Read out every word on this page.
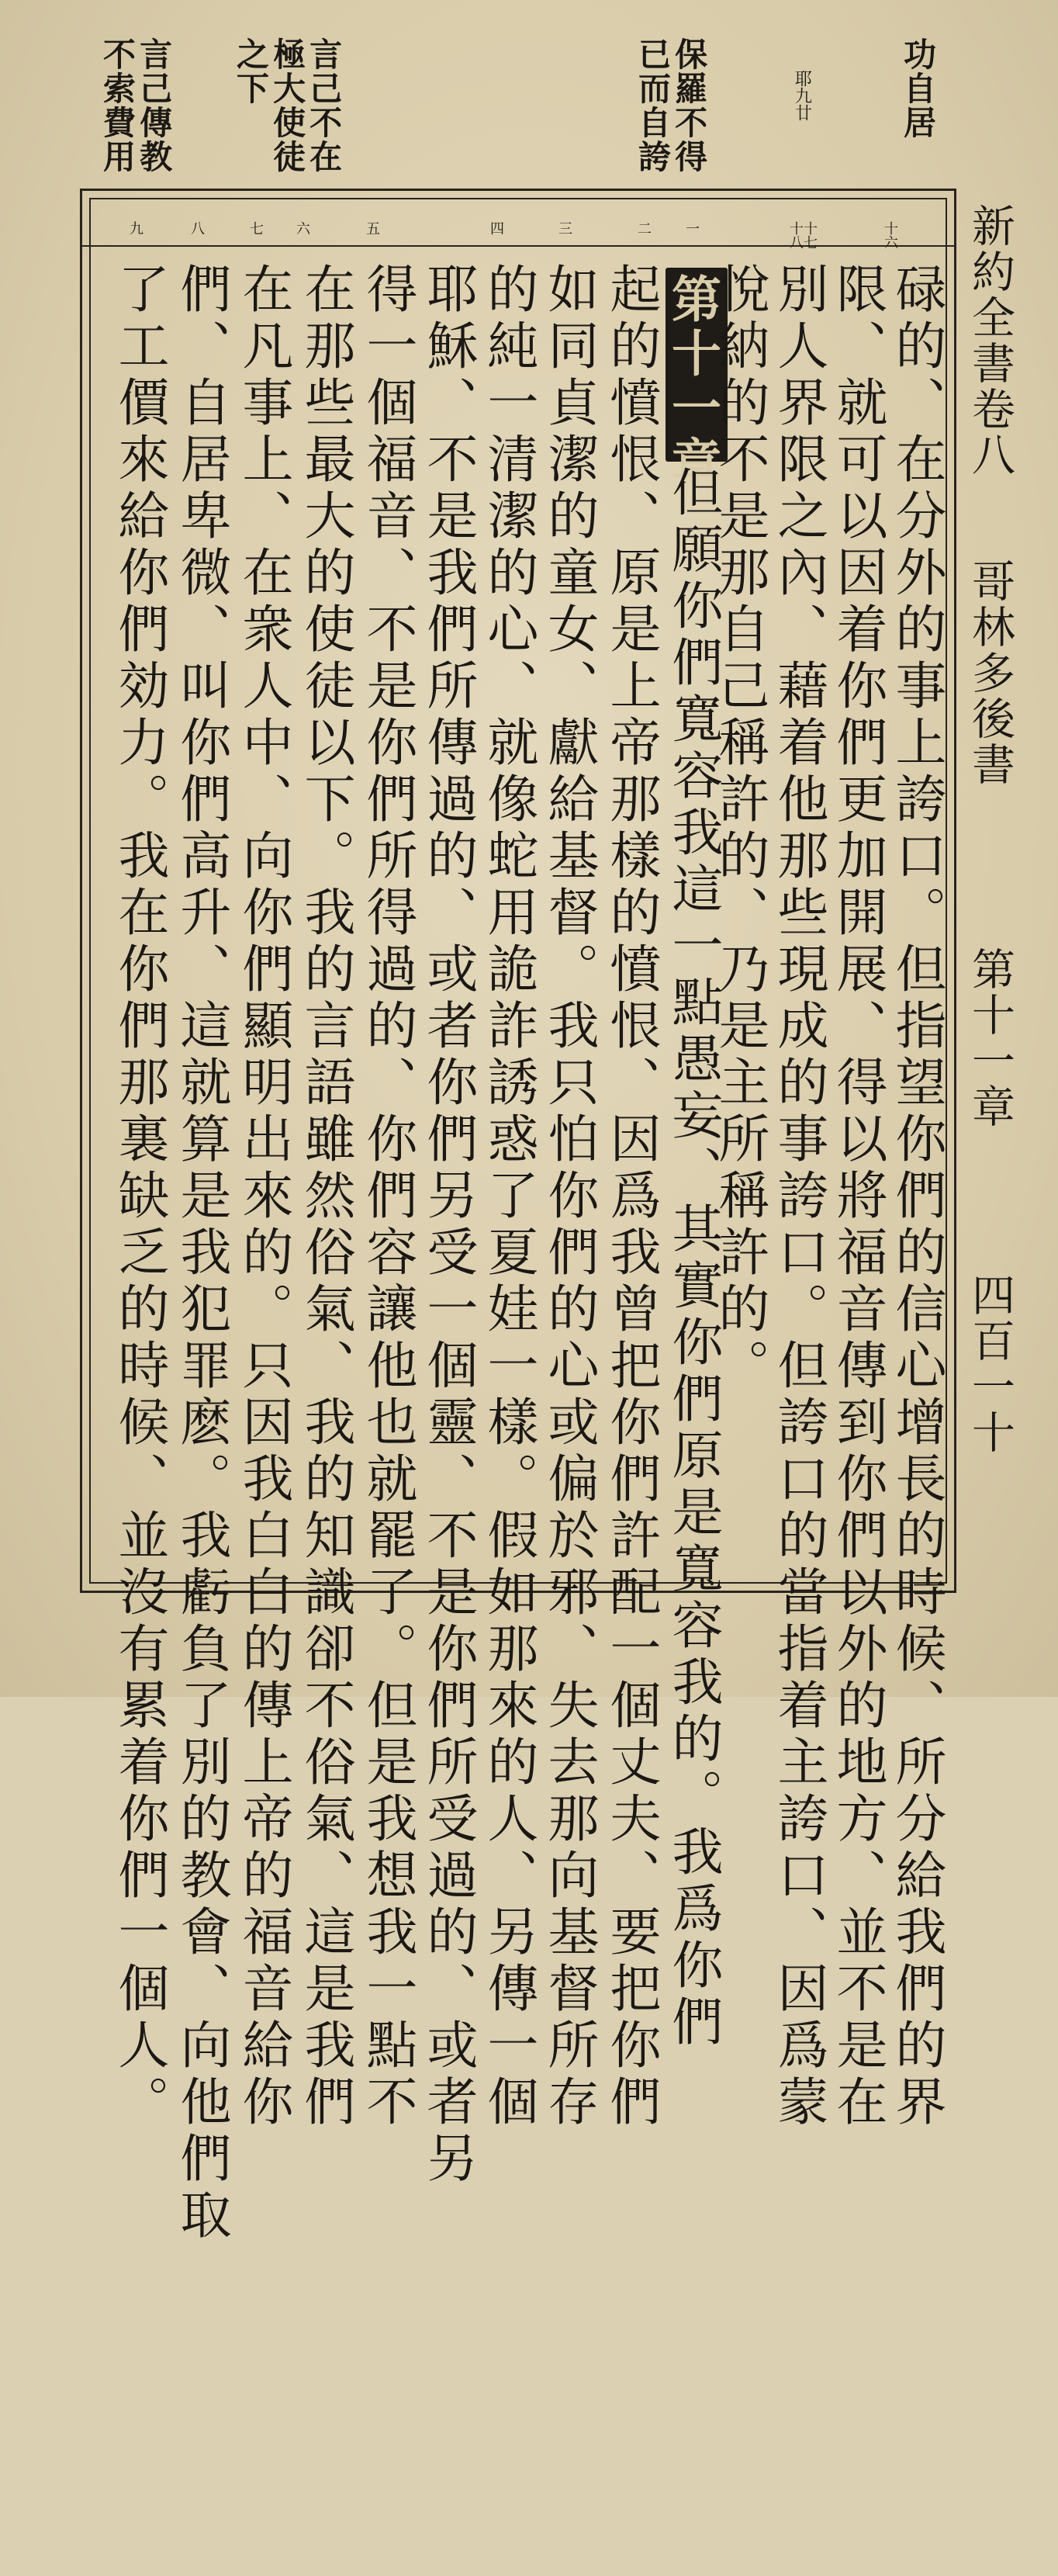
新約全書卷八
哥林多後書
第十一章
四百一十
功自居
耶九廿
保羅不得
已而自誇
言己不在
極大使徒
之下
言己傳教
不索費用
十六
十七
十八
一
二
三
四
五
六
七
八
九
第十一章	碌的、在分外的事上誇口。但指望你們的信心增長的時候、所分給我們的界
限、就可以因着你們更加開展、得以將福音傳到你們以外的地方、並不是在
別人界限之內、藉着他那些現成的事誇口。但誇口的當指着主誇口、因爲蒙
悅納的不是那自己稱許的、乃是主所稱許的。
但願你們寬容我這一點愚妄、其實你們原是寬容我的。我爲你們
起的憤恨、原是上帝那樣的憤恨、因爲我曾把你們許配一個丈夫、要把你們
如同貞潔的童女、獻給基督。我只怕你們的心或偏於邪、失去那向基督所存
的純一清潔的心、就像蛇用詭詐誘惑了夏娃一樣。假如那來的人、另傳一個
耶穌、不是我們所傳過的、或者你們另受一個靈、不是你們所受過的、或者另
得一個福音、不是你們所得過的、你們容讓他也就罷了。但是我想我一點不
在那些最大的使徒以下。我的言語雖然俗氣、我的知識卻不俗氣、這是我們
在凡事上、在衆人中、向你們顯明出來的。只因我白白的傳上帝的福音給你
們、自居卑微、叫你們高升、這就算是我犯罪麽。我虧負了別的教會、向他們取
了工價來給你們効力。我在你們那裏缺乏的時候、並沒有累着你們一個人。
